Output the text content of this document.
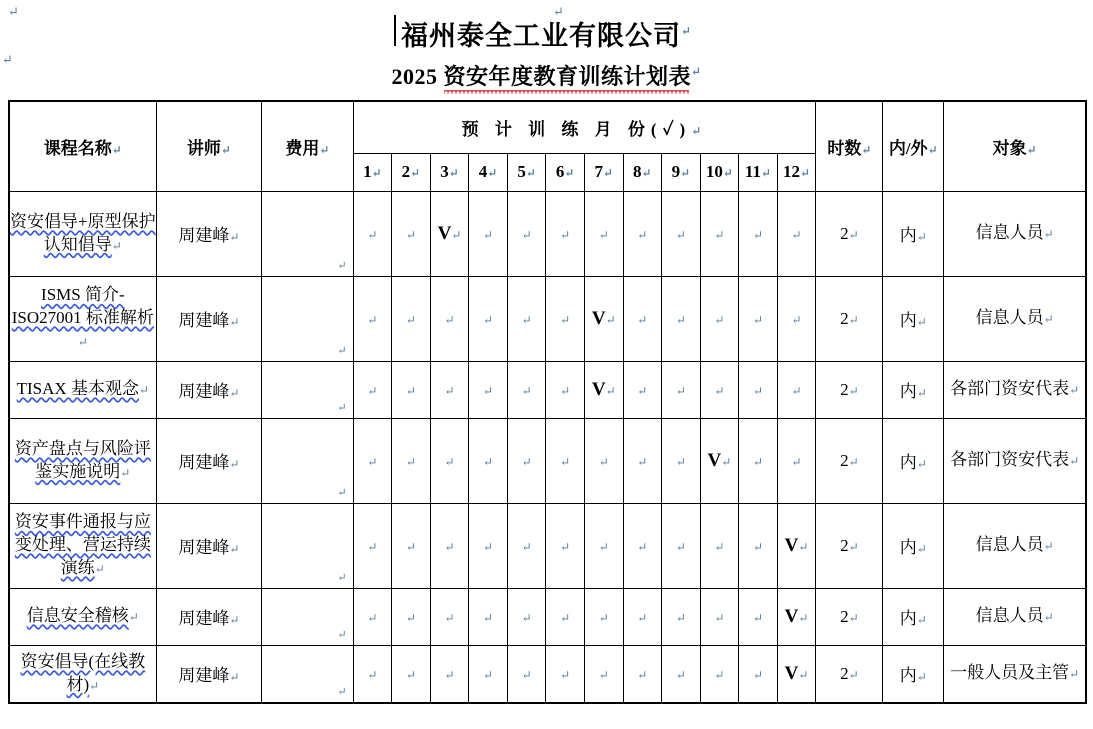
↵	↵
↵
福州泰全工业有限公司↵
2025 资安年度教育训练计划表↵
课程名称↵	讲师↵	费用↵	预 计 训 练 月 份(✓)↵												时数↵	内/外↵	对象↵
			1↵	2↵	3↵	4↵	5↵	6↵	7↵	8↵	9↵	10↵	11↵	12↵			
资安倡导+原型保护认知倡导↵	周建峰↵	↵	↵	↵	V↵	↵	↵	↵	↵	↵	↵	↵	↵	↵	2↵	内↵	信息人员↵
ISMS 简介-ISO27001 标准解析↵	周建峰↵	↵	↵	↵	↵	↵	↵	↵	V↵	↵	↵	↵	↵	↵	2↵	内↵	信息人员↵
TISAX 基本观念↵	周建峰↵	↵	↵	↵	↵	↵	↵	↵	V↵	↵	↵	↵	↵	↵	2↵	内↵	各部门资安代表↵
资产盘点与风险评鉴实施说明↵	周建峰↵	↵	↵	↵	↵	↵	↵	↵	↵	↵	↵	V↵	↵	↵	2↵	内↵	各部门资安代表↵
资安事件通报与应变处理、营运持续演练↵	周建峰↵	↵	↵	↵	↵	↵	↵	↵	↵	↵	↵	↵	↵	V↵	2↵	内↵	信息人员↵
信息安全稽核↵	周建峰↵	↵	↵	↵	↵	↵	↵	↵	↵	↵	↵	↵	↵	V↵	2↵	内↵	信息人员↵
资安倡导(在线教材)↵	周建峰↵	↵	↵	↵	↵	↵	↵	↵	↵	↵	↵	↵	↵	V↵	2↵	内↵	一般人员及主管↵
